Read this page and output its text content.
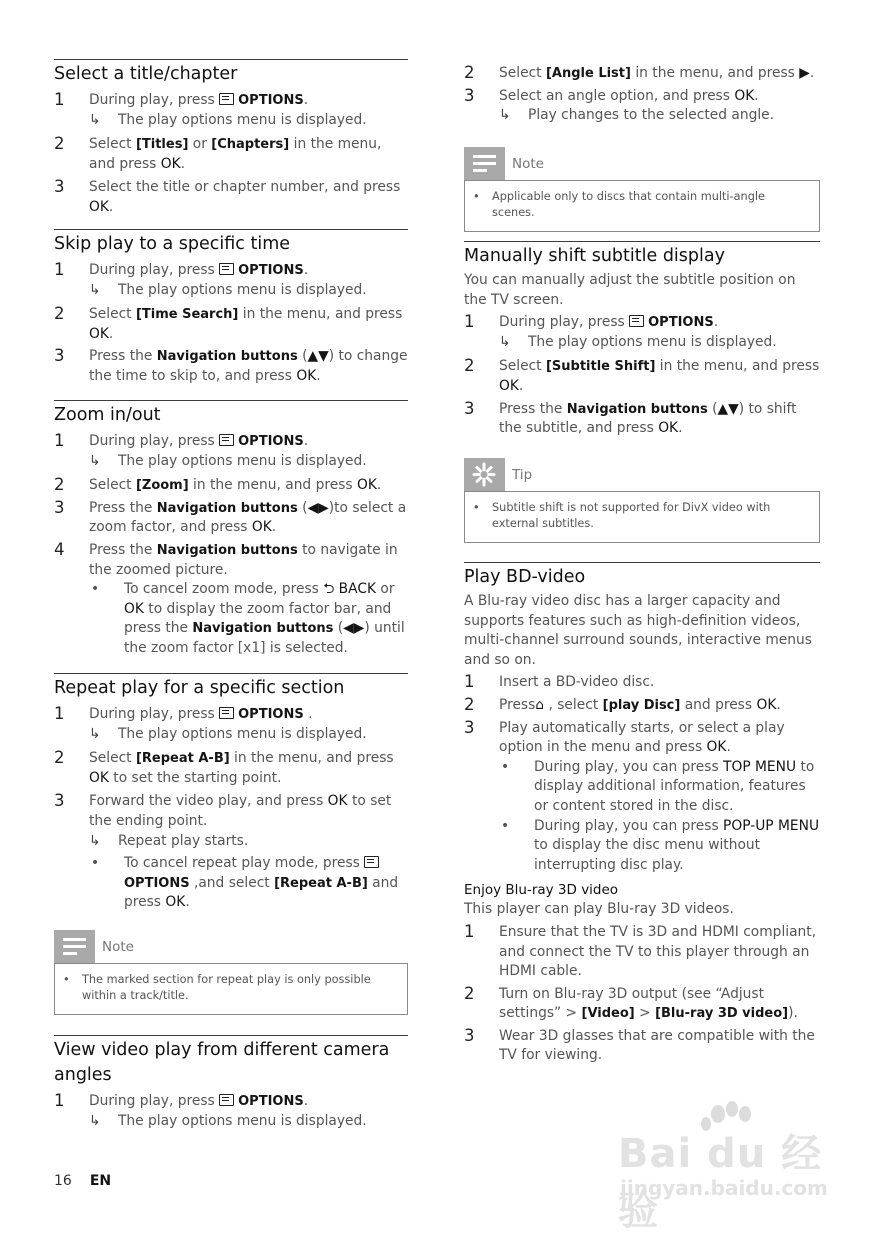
Select a title/chapter
1 During play, press OPTIONS.
↳ The play options menu is displayed.
2 Select [Titles] or [Chapters] in the menu, and press OK.
3 Select the title or chapter number, and press OK.
Skip play to a specific time
1 During play, press OPTIONS.
↳ The play options menu is displayed.
2 Select [Time Search] in the menu, and press OK.
3 Press the Navigation buttons (▲▼) to change the time to skip to, and press OK.
Zoom in/out
1 During play, press OPTIONS.
↳ The play options menu is displayed.
2 Select [Zoom] in the menu, and press OK.
3 Press the Navigation buttons (◀▶)to select a zoom factor, and press OK.
4 Press the Navigation buttons to navigate in the zoomed picture.
• To cancel zoom mode, press ⮌ BACK or OK to display the zoom factor bar, and press the Navigation buttons (◀▶) until the zoom factor [x1] is selected.
Repeat play for a specific section
1 During play, press OPTIONS .
↳ The play options menu is displayed.
2 Select [Repeat A-B] in the menu, and press OK to set the starting point.
3 Forward the video play, and press OK to set the ending point.
↳ Repeat play starts.
• To cancel repeat play mode, press OPTIONS ,and select [Repeat A-B] and press OK.
Note
•	The marked section for repeat play is only possible within a track/title.
View video play from different camera angles
1 During play, press OPTIONS.
↳ The play options menu is displayed.
2 Select [Angle List] in the menu, and press ▶.
3 Select an angle option, and press OK.
↳ Play changes to the selected angle.
Note
•	Applicable only to discs that contain multi-angle scenes.
Manually shift subtitle display

You can manually adjust the subtitle position on the TV screen.

1 During play, press OPTIONS.
↳ The play options menu is displayed.
2 Select [Subtitle Shift] in the menu, and press OK.
3 Press the Navigation buttons (▲▼) to shift the subtitle, and press OK.
Tip
•	Subtitle shift is not supported for DivX video with external subtitles.
Play BD-video

A Blu-ray video disc has a larger capacity and supports features such as high-definition videos, multi-channel surround sounds, interactive menus and so on.

1 Insert a BD-video disc.
2 Press⌂ , select [play Disc] and press OK.
3 Play automatically starts, or select a play option in the menu and press OK.
• During play, you can press TOP MENU to display additional information, features or content stored in the disc.
• During play, you can press POP-UP MENU to display the disc menu without interrupting disc play.
Enjoy Blu-ray 3D video

This player can play Blu-ray 3D videos.

1 Ensure that the TV is 3D and HDMI compliant, and connect the TV to this player through an HDMI cable.
2 Turn on Blu-ray 3D output (see “Adjust settings” > [Video] > [Blu-ray 3D video]).
3 Wear 3D glasses that are compatible with the TV for viewing.
16 EN
Bai du 经验
jingyan.baidu.com
